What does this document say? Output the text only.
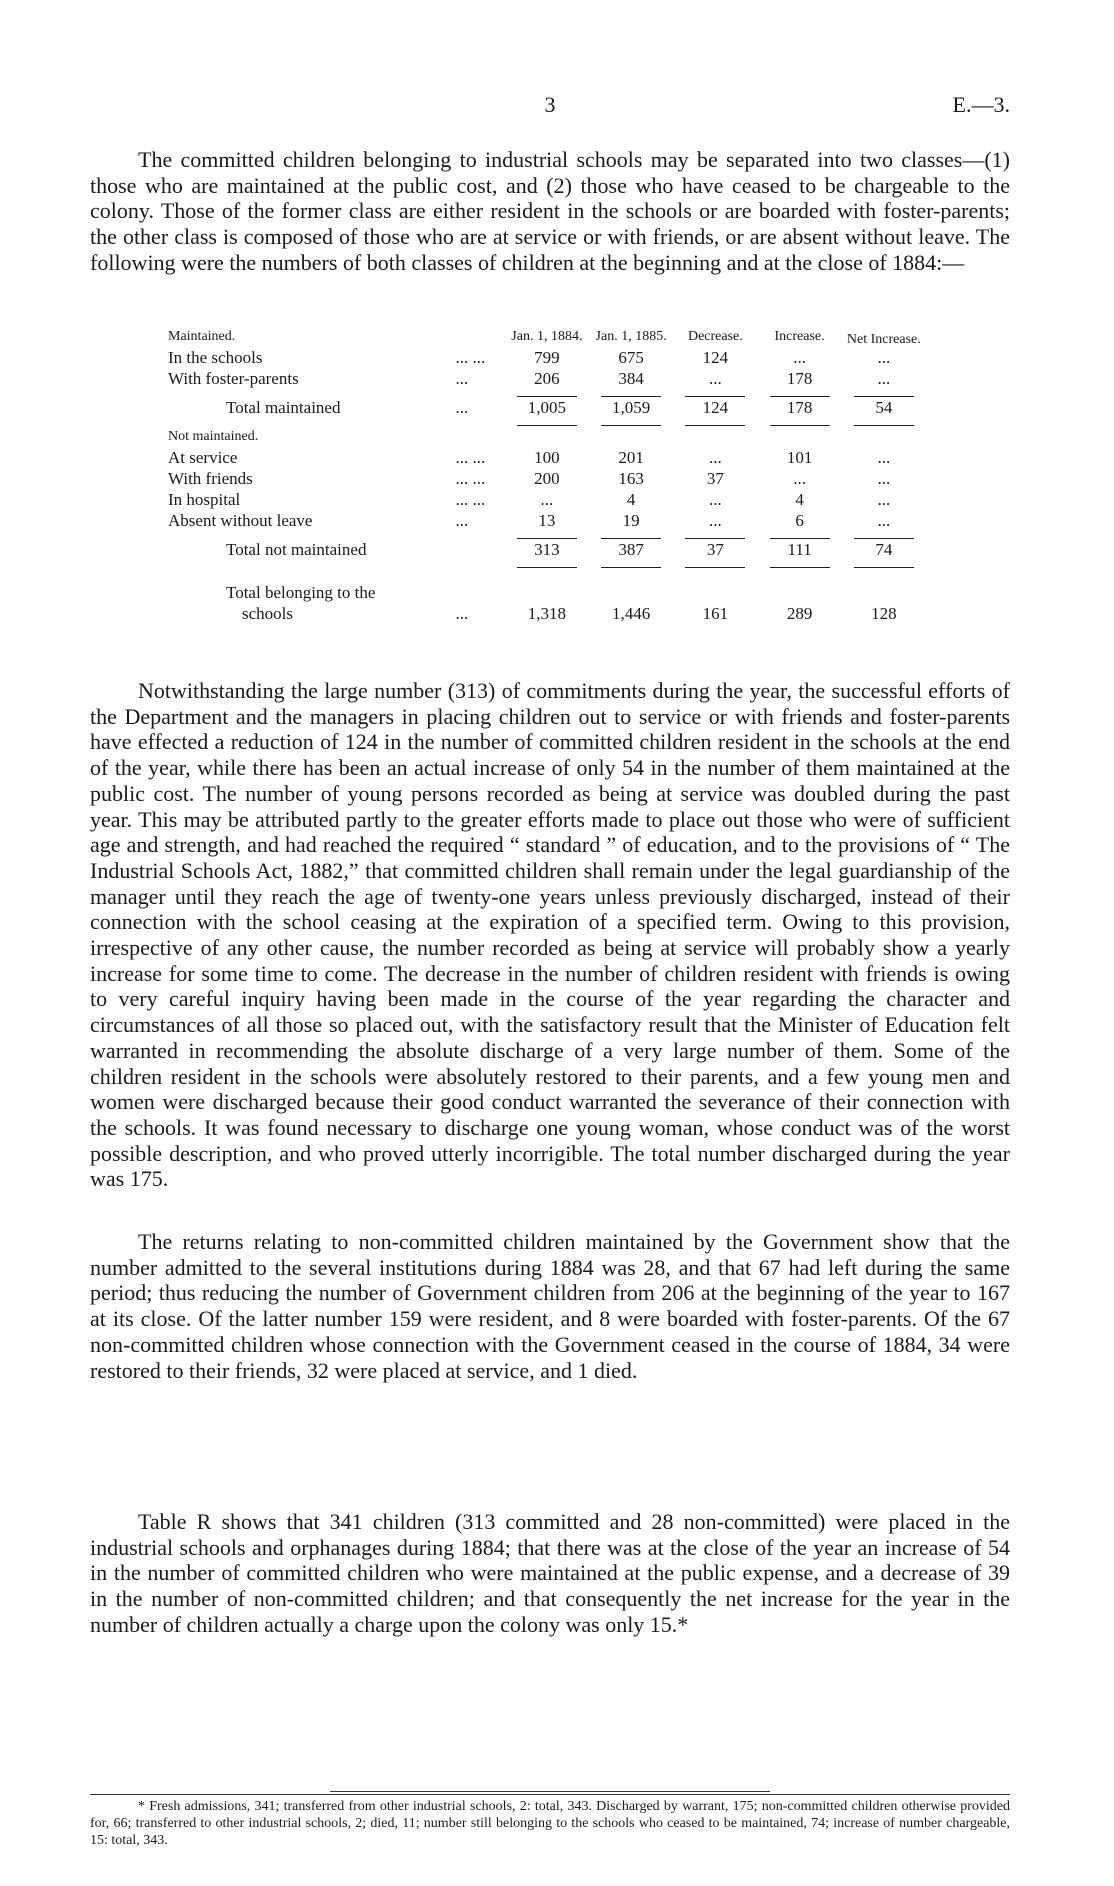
3	E.—3.

The committed children belonging to industrial schools may be separated into two classes—(1) those who are maintained at the public cost, and (2) those who have ceased to be chargeable to the colony. Those of the former class are either resident in the schools or are boarded with foster-parents; the other class is composed of those who are at service or with friends, or are absent without leave. The following were the numbers of both classes of children at the beginning and at the close of 1884:—

Maintained.		Jan. 1, 1884.	Jan. 1, 1885.	Decrease.	Increase.	Net Increase.
In the schools	... ...	799	675	124	...	...
With foster-parents	...	206	384	...	178	...

Total maintained	...	1,005	1,059	124	178	54

Not maintained.						
At service	... ...	100	201	...	101	...
With friends	... ...	200	163	37	...	...
In hospital	... ...	...	4	...	4	...
Absent without leave	...	13	19	...	6	...

Total not maintained		313	387	37	111	74

Total belonging to the						
schools	...	1,318	1,446	161	289	128

Notwithstanding the large number (313) of commitments during the year, the successful efforts of the Department and the managers in placing children out to service or with friends and foster-parents have effected a reduction of 124 in the number of committed children resident in the schools at the end of the year, while there has been an actual increase of only 54 in the number of them maintained at the public cost. The number of young persons recorded as being at service was doubled during the past year. This may be attributed partly to the greater efforts made to place out those who were of sufficient age and strength, and had reached the required “ standard ” of education, and to the provisions of “ The Industrial Schools Act, 1882,” that committed children shall remain under the legal guardianship of the manager until they reach the age of twenty-one years unless previously discharged, instead of their connection with the school ceasing at the expiration of a specified term. Owing to this provision, irrespective of any other cause, the number recorded as being at service will probably show a yearly increase for some time to come. The decrease in the number of children resident with friends is owing to very careful inquiry having been made in the course of the year regarding the character and circumstances of all those so placed out, with the satisfactory result that the Minister of Education felt warranted in recommending the absolute discharge of a very large number of them. Some of the children resident in the schools were absolutely restored to their parents, and a few young men and women were discharged because their good conduct warranted the severance of their connection with the schools. It was found necessary to discharge one young woman, whose conduct was of the worst possible description, and who proved utterly incorrigible. The total number discharged during the year was 175.

The returns relating to non-committed children maintained by the Government show that the number admitted to the several institutions during 1884 was 28, and that 67 had left during the same period; thus reducing the number of Government children from 206 at the beginning of the year to 167 at its close. Of the latter number 159 were resident, and 8 were boarded with foster-parents. Of the 67 non-committed children whose connection with the Government ceased in the course of 1884, 34 were restored to their friends, 32 were placed at service, and 1 died.

Table R shows that 341 children (313 committed and 28 non-committed) were placed in the industrial schools and orphanages during 1884; that there was at the close of the year an increase of 54 in the number of committed children who were maintained at the public expense, and a decrease of 39 in the number of non-committed children; and that consequently the net increase for the year in the number of children actually a charge upon the colony was only 15.*

* Fresh admissions, 341; transferred from other industrial schools, 2: total, 343. Discharged by warrant, 175; non-committed children otherwise provided for, 66; transferred to other industrial schools, 2; died, 11; number still belonging to the schools who ceased to be maintained, 74; increase of number chargeable, 15: total, 343.
